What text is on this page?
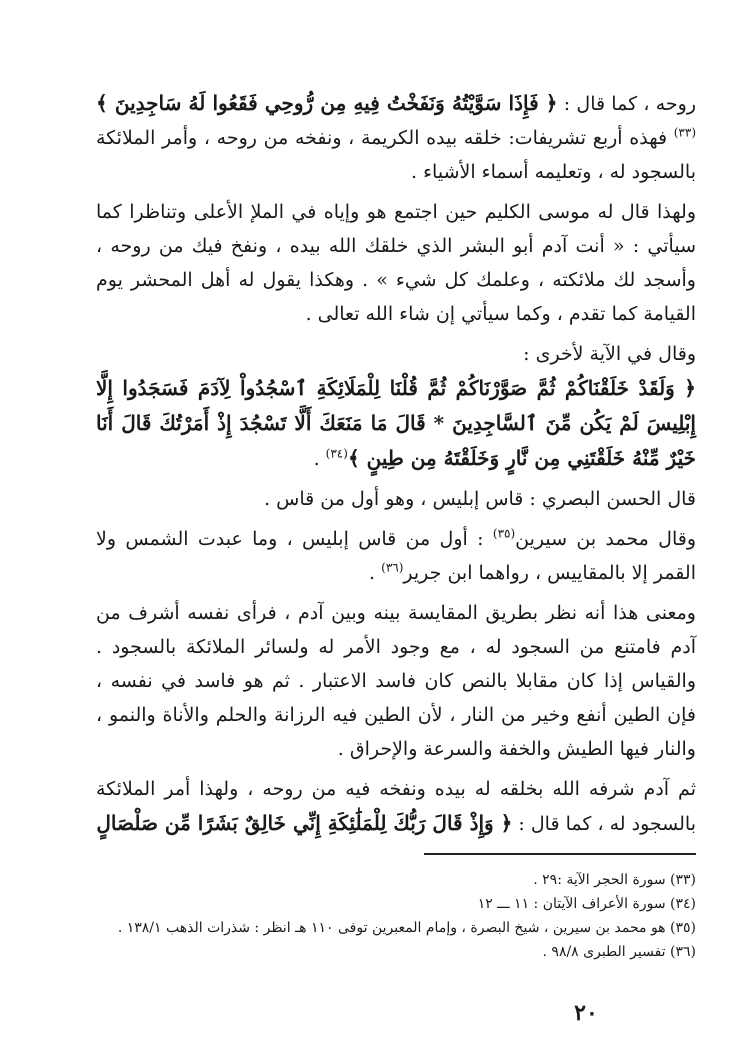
روحه ، كما قال : ﴿ فَإِذَا سَوَّيْتُهُ وَنَفَخْتُ فِيهِ مِن رُّوحِي فَقَعُوا لَهُ سَاجِدِينَ ﴾$^{(٣٣)}$ فهذه أربع تشريفات: خلقه بيده الكريمة ، ونفخه من روحه ، وأمر الملائكة بالسجود له ، وتعليمه أسماء الأشياء .

ولهذا قال له موسى الكليم حين اجتمع هو وإياه في الملإ الأعلى وتناظرا كما سيأتي : « أنت آدم أبو البشر الذي خلقك الله بيده ، ونفخ فيك من روحه ، وأسجد لك ملائكته ، وعلمك كل شيء » . وهكذا يقول له أهل المحشر يوم القيامة كما تقدم ، وكما سيأتي إن شاء الله تعالى .

وقال في الآية لأخرى :

﴿ وَلَقَدْ خَلَقْنَاكُمْ ثُمَّ صَوَّرْنَاكُمْ ثُمَّ قُلْنَا لِلْمَلَائِكَةِ ٱسْجُدُواْ لِآدَمَ فَسَجَدُوا إِلَّا إِبْلِيسَ لَمْ يَكُن مِّنَ ٱلسَّاجِدِينَ * قَالَ مَا مَنَعَكَ أَلَّا تَسْجُدَ إِذْ أَمَرْتُكَ قَالَ أَنَا خَيْرٌ مِّنْهُ خَلَقْتَنِي مِن نَّارٍ وَخَلَقْتَهُ مِن طِينٍ ﴾$^{(٣٤)}$ .

قال الحسن البصري : قاس إبليس ، وهو أول من قاس .

وقال محمد بن سيرين$^{(٣٥)}$ : أول من قاس إبليس ، وما عبدت الشمس ولا القمر إلا بالمقاييس ، رواهما ابن جرير$^{(٣٦)}$ .

ومعنى هذا أنه نظر بطريق المقايسة بينه وبين آدم ، فرأى نفسه أشرف من آدم فامتنع من السجود له ، مع وجود الأمر له ولسائر الملائكة بالسجود . والقياس إذا كان مقابلا بالنص كان فاسد الاعتبار . ثم هو فاسد في نفسه ، فإن الطين أنفع وخير من النار ، لأن الطين فيه الرزانة والحلم والأناة والنمو ، والنار فيها الطيش والخفة والسرعة والإحراق .

ثم آدم شرفه الله بخلقه له بيده ونفخه فيه من روحه ، ولهذا أمر الملائكة بالسجود له ، كما قال : ﴿ وَإِذْ قَالَ رَبُّكَ لِلْمَلَٰئِكَةِ إِنِّي خَالِقٌ بَشَرًا مِّن صَلْصَالٍ

(٣٣) سورة الحجر الآية :٢٩ .

(٣٤) سورة الأعراف الآيتان : ١١ ـــ ١٢

(٣٥) هو محمد بن سيرين ، شيخ البصرة ، وإمام المعبرين توفى ١١٠ هـ انظر : شذرات الذهب ١٣٨/١ .

(٣٦) تفسير الطبرى ٩٨/٨ .

٢٠
